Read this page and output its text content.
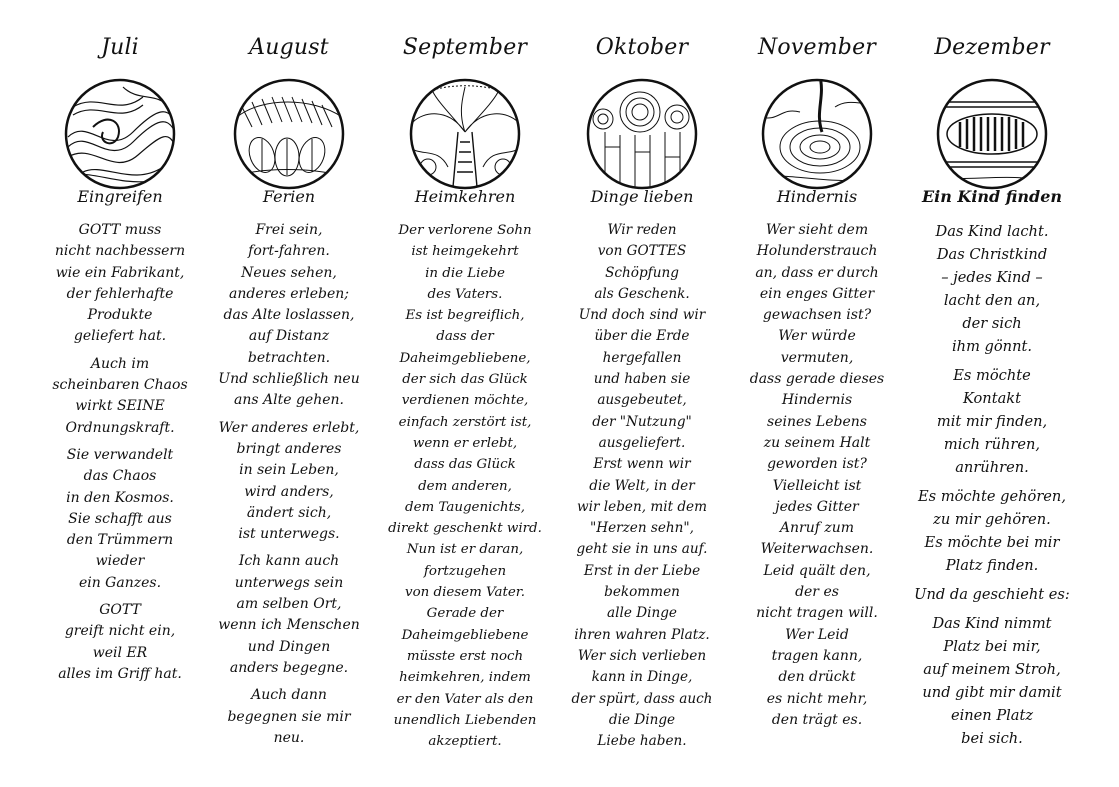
Juli
Eingreifen
GOTT muss
nicht nachbessern
wie ein Fabrikant,
der fehlerhafte
Produkte
geliefert hat.
Auch im
scheinbaren Chaos
wirkt SEINE
Ordnungskraft.
Sie verwandelt
das Chaos
in den Kosmos.
Sie schafft aus
den Trümmern
wieder
ein Ganzes.
GOTT
greift nicht ein,
weil ER
alles im Griff hat.
August
Ferien
Frei sein,
fort-fahren.
Neues sehen,
anderes erleben;
das Alte loslassen,
auf Distanz
betrachten.
Und schließlich neu
ans Alte gehen.
Wer anderes erlebt,
bringt anderes
in sein Leben,
wird anders,
ändert sich,
ist unterwegs.
Ich kann auch
unterwegs sein
am selben Ort,
wenn ich Menschen
und Dingen
anders begegne.
Auch dann
begegnen sie mir
neu.
September
Heimkehren
Der verlorene Sohn
ist heimgekehrt
in die Liebe
des Vaters.
Es ist begreiflich,
dass der
Daheimgebliebene,
der sich das Glück
verdienen möchte,
einfach zerstört ist,
wenn er erlebt,
dass das Glück
dem anderen,
dem Taugenichts,
direkt geschenkt wird.
Nun ist er daran,
fortzugehen
von diesem Vater.
Gerade der
Daheimgebliebene
müsste erst noch
heimkehren, indem
er den Vater als den
unendlich Liebenden
akzeptiert.
Oktober
Dinge lieben
Wir reden
von GOTTES
Schöpfung
als Geschenk.
Und doch sind wir
über die Erde
hergefallen
und haben sie
ausgebeutet,
der "Nutzung"
ausgeliefert.
Erst wenn wir
die Welt, in der
wir leben, mit dem
"Herzen sehn",
geht sie in uns auf.
Erst in der Liebe
bekommen
alle Dinge
ihren wahren Platz.
Wer sich verlieben
kann in Dinge,
der spürt, dass auch
die Dinge
Liebe haben.
November
Hindernis
Wer sieht dem
Holunderstrauch
an, dass er durch
ein enges Gitter
gewachsen ist?
Wer würde
vermuten,
dass gerade dieses
Hindernis
seines Lebens
zu seinem Halt
geworden ist?
Vielleicht ist
jedes Gitter
Anruf zum
Weiterwachsen.
Leid quält den,
der es
nicht tragen will.
Wer Leid
tragen kann,
den drückt
es nicht mehr,
den trägt es.
Dezember
Ein Kind finden
Das Kind lacht.
Das Christkind
– jedes Kind –
lacht den an,
der sich
ihm gönnt.
Es möchte
Kontakt
mit mir finden,
mich rühren,
anrühren.
Es möchte gehören,
zu mir gehören.
Es möchte bei mir
Platz finden.
Und da geschieht es:
Das Kind nimmt
Platz bei mir,
auf meinem Stroh,
und gibt mir damit
einen Platz
bei sich.
